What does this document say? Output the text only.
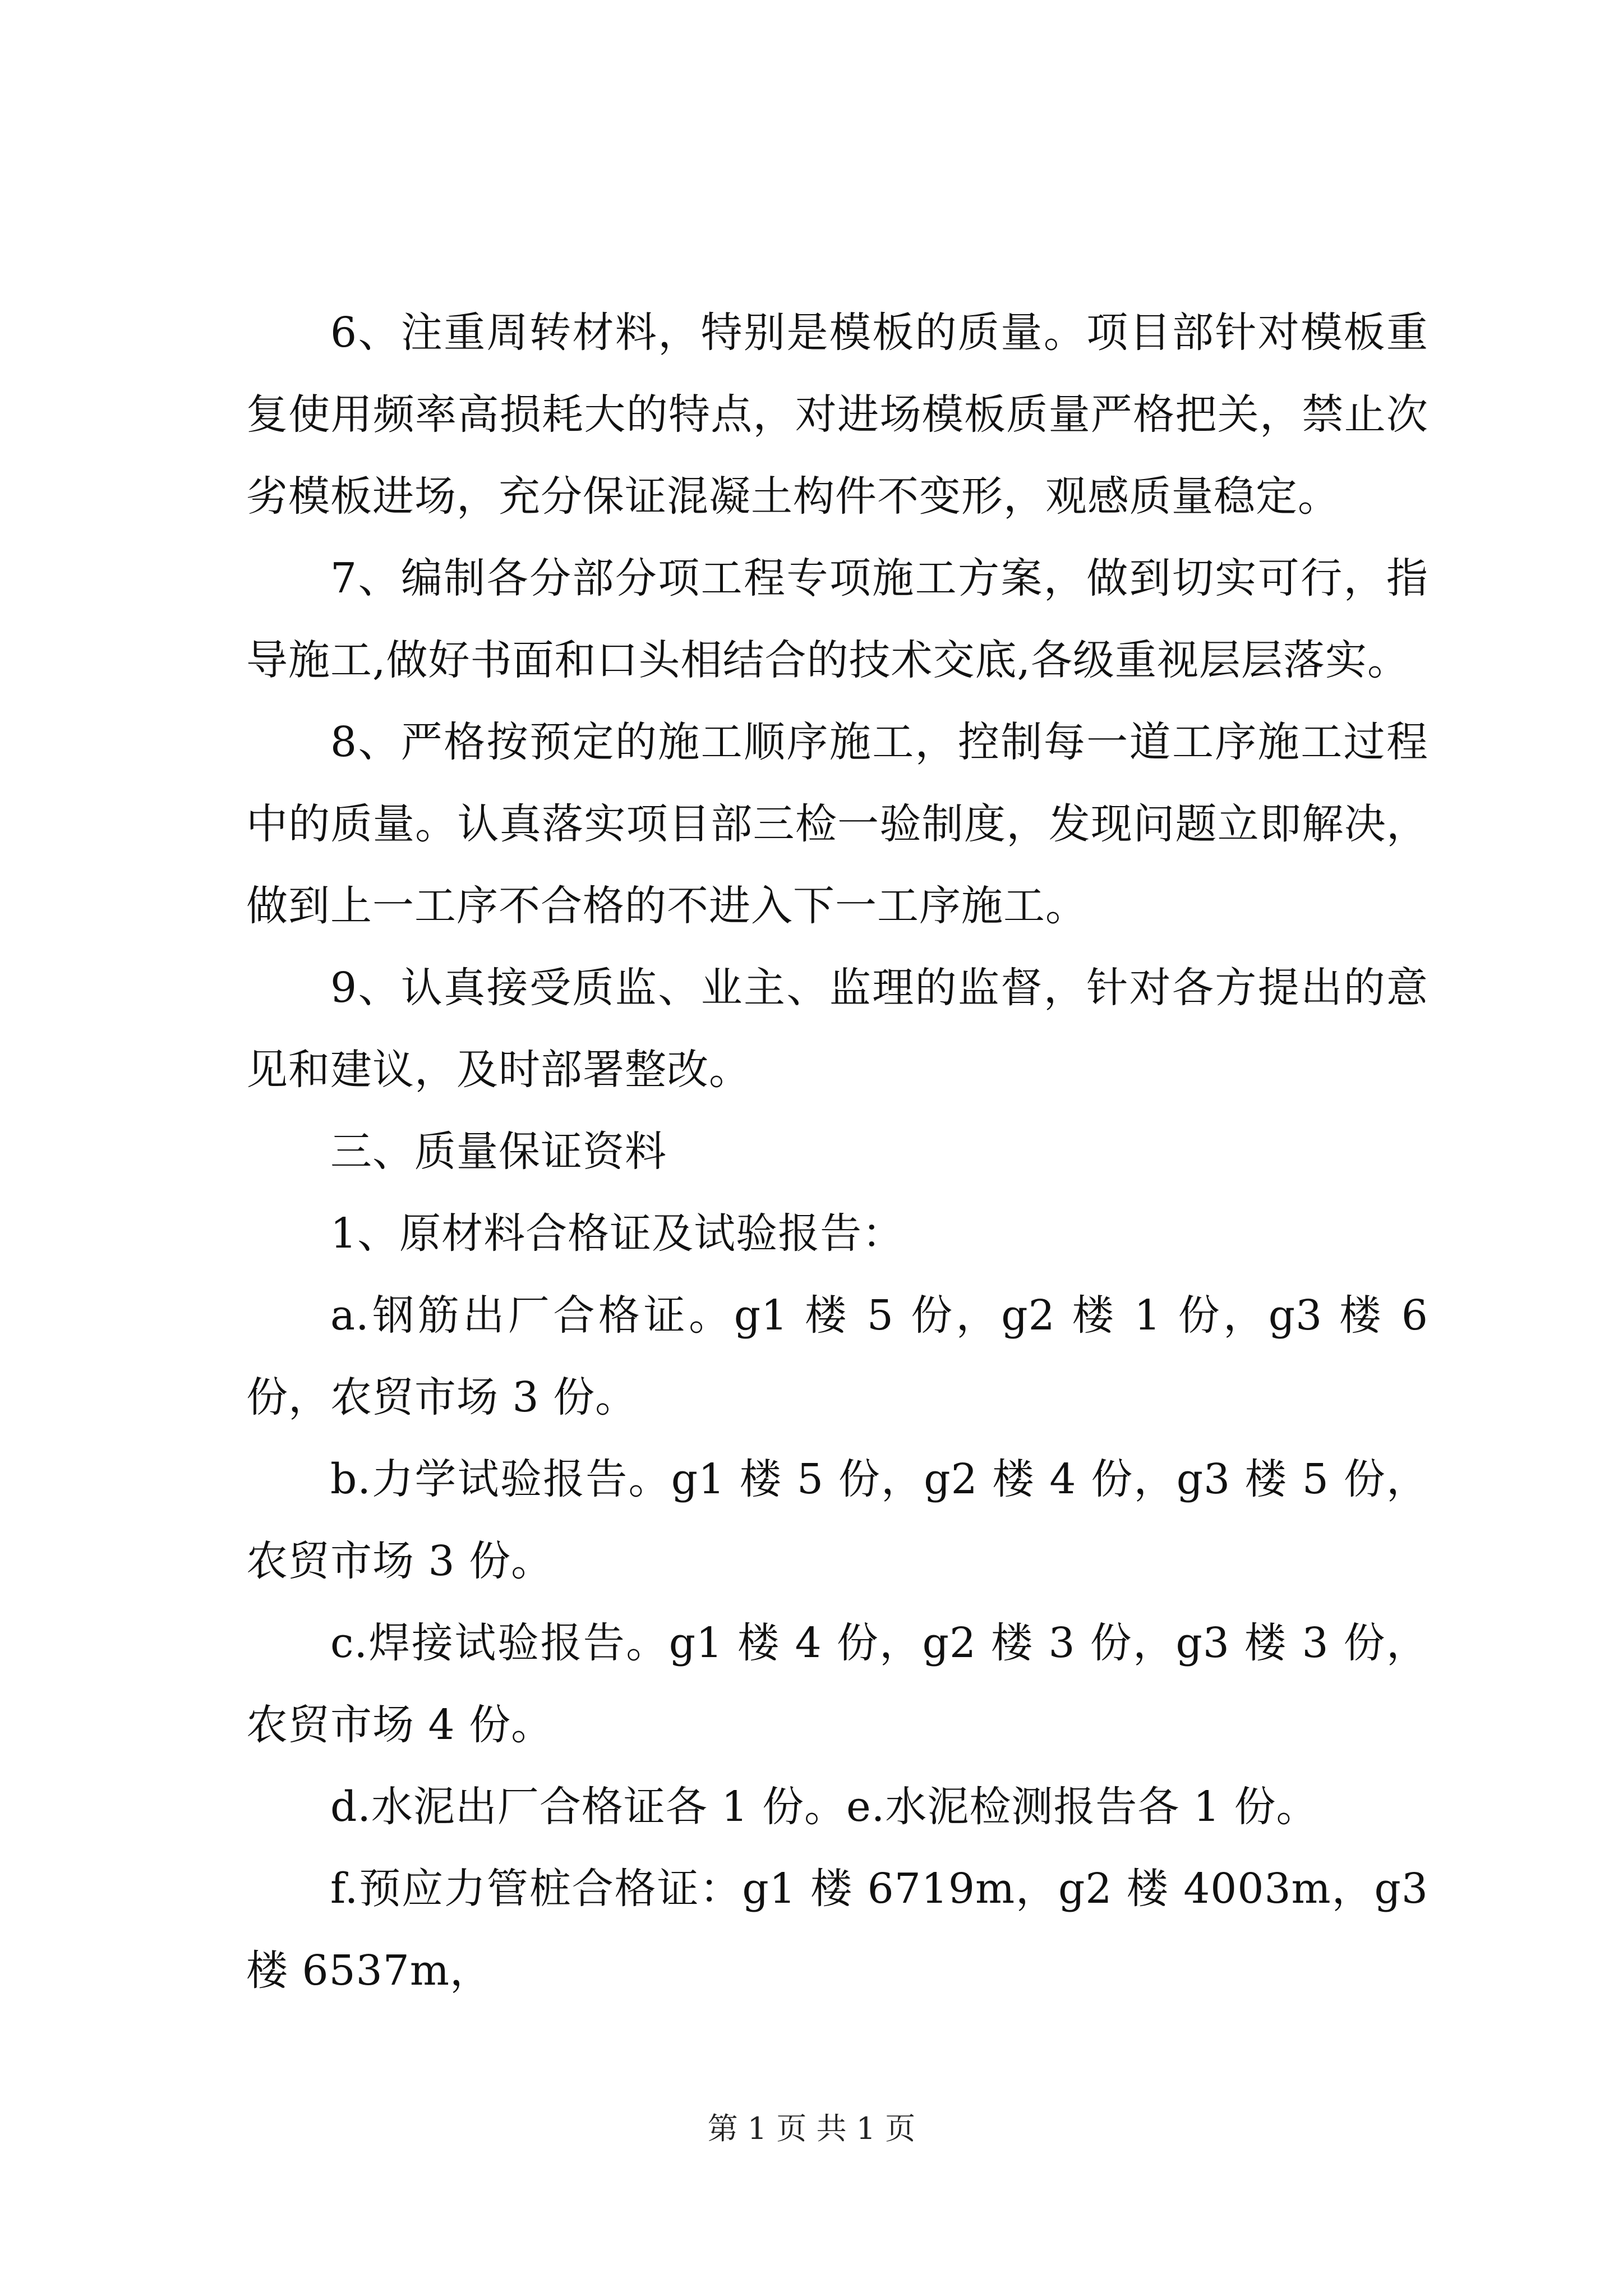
6、注重周转材料，特别是模板的质量。项目部针对模板重复使用频率高损耗大的特点，对进场模板质量严格把关，禁止次劣模板进场，充分保证混凝土构件不变形，观感质量稳定。

7、编制各分部分项工程专项施工方案，做到切实可行，指导施工,做好书面和口头相结合的技术交底,各级重视层层落实。

8、严格按预定的施工顺序施工，控制每一道工序施工过程中的质量。认真落实项目部三检一验制度，发现问题立即解决，做到上一工序不合格的不进入下一工序施工。

9、认真接受质监、业主、监理的监督，针对各方提出的意见和建议，及时部署整改。

三、质量保证资料

1、原材料合格证及试验报告：

a.钢筋出厂合格证。g1 楼 5 份，g2 楼 1 份，g3 楼 6 份，农贸市场 3 份。

b.力学试验报告。g1 楼 5 份，g2 楼 4 份，g3 楼 5 份，农贸市场 3 份。

c.焊接试验报告。g1 楼 4 份，g2 楼 3 份，g3 楼 3 份，农贸市场 4 份。

d.水泥出厂合格证各 1 份。e.水泥检测报告各 1 份。

f.预应力管桩合格证：g1 楼 6719m，g2 楼 4003m，g3 楼 6537m，

第 1 页 共 1 页
